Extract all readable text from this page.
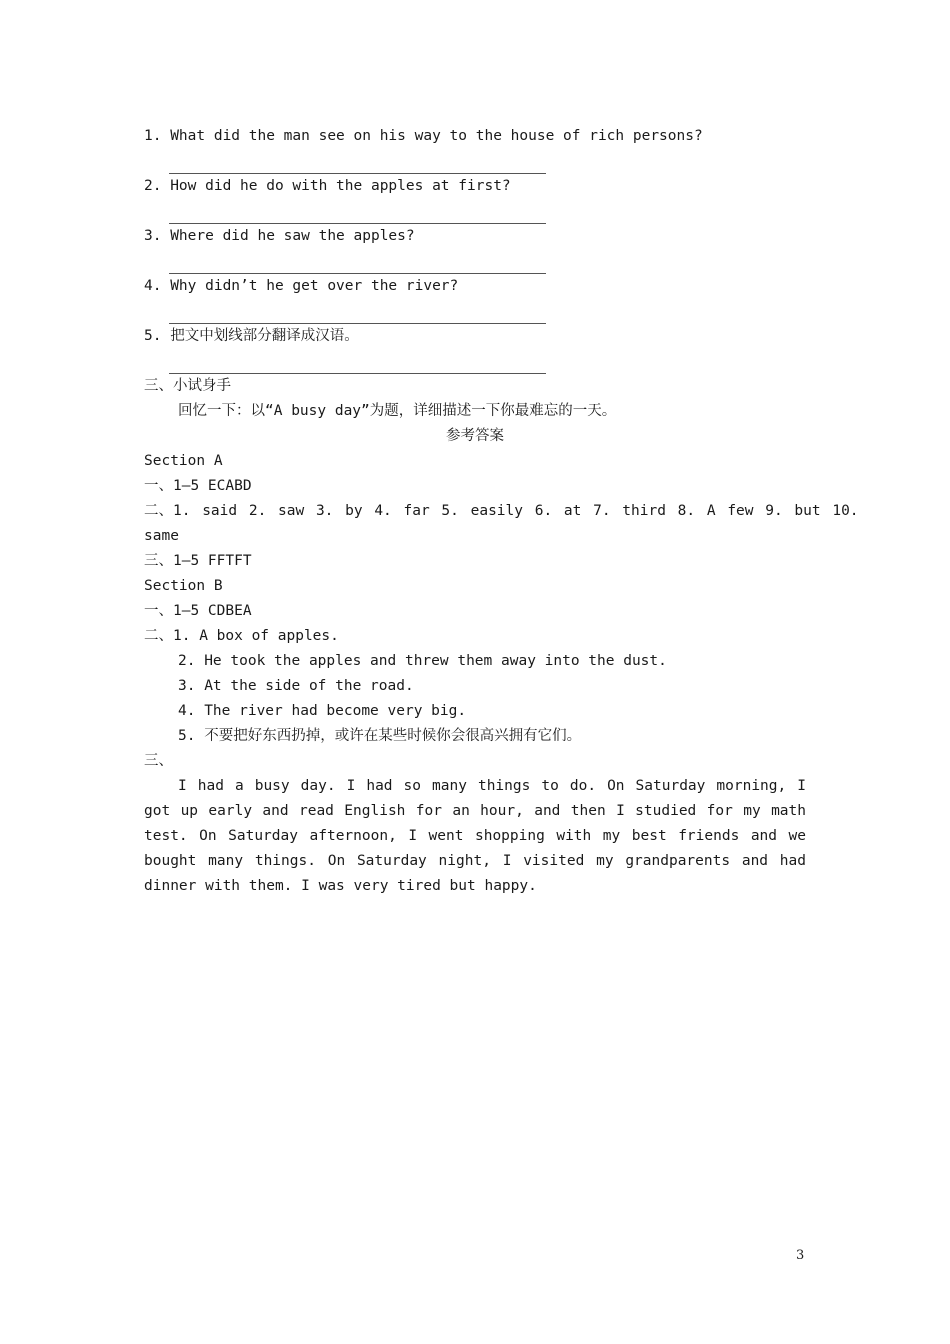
1. What did the man see on his way to the house of rich persons?
2. How did he do with the apples at first?
3. Where did he saw the apples?
4. Why didn’t he get over the river?
5. 把文中划线部分翻译成汉语。
三、小试身手
回忆一下：以“A busy day”为题，详细描述一下你最难忘的一天。
参考答案
Section A
一、1—5 ECABD
二、1. said 2. saw 3. by 4. far 5. easily 6. at 7. third 8. A few 9. but 10.
same
三、1—5 FFTFT
Section B
一、1—5 CDBEA
二、1. A box of apples.
2. He took the apples and threw them away into the dust.
3. At the side of the road.
4. The river had become very big.
5. 不要把好东西扔掉，或许在某些时候你会很高兴拥有它们。
三、
I had a busy day. I had so many things to do. On Saturday morning, I got up early and read English for an hour, and then I studied for my math test. On Saturday afternoon, I went shopping with my best friends and we bought many things. On Saturday night, I visited my grandparents and had dinner with them. I was very tired but happy.
3
